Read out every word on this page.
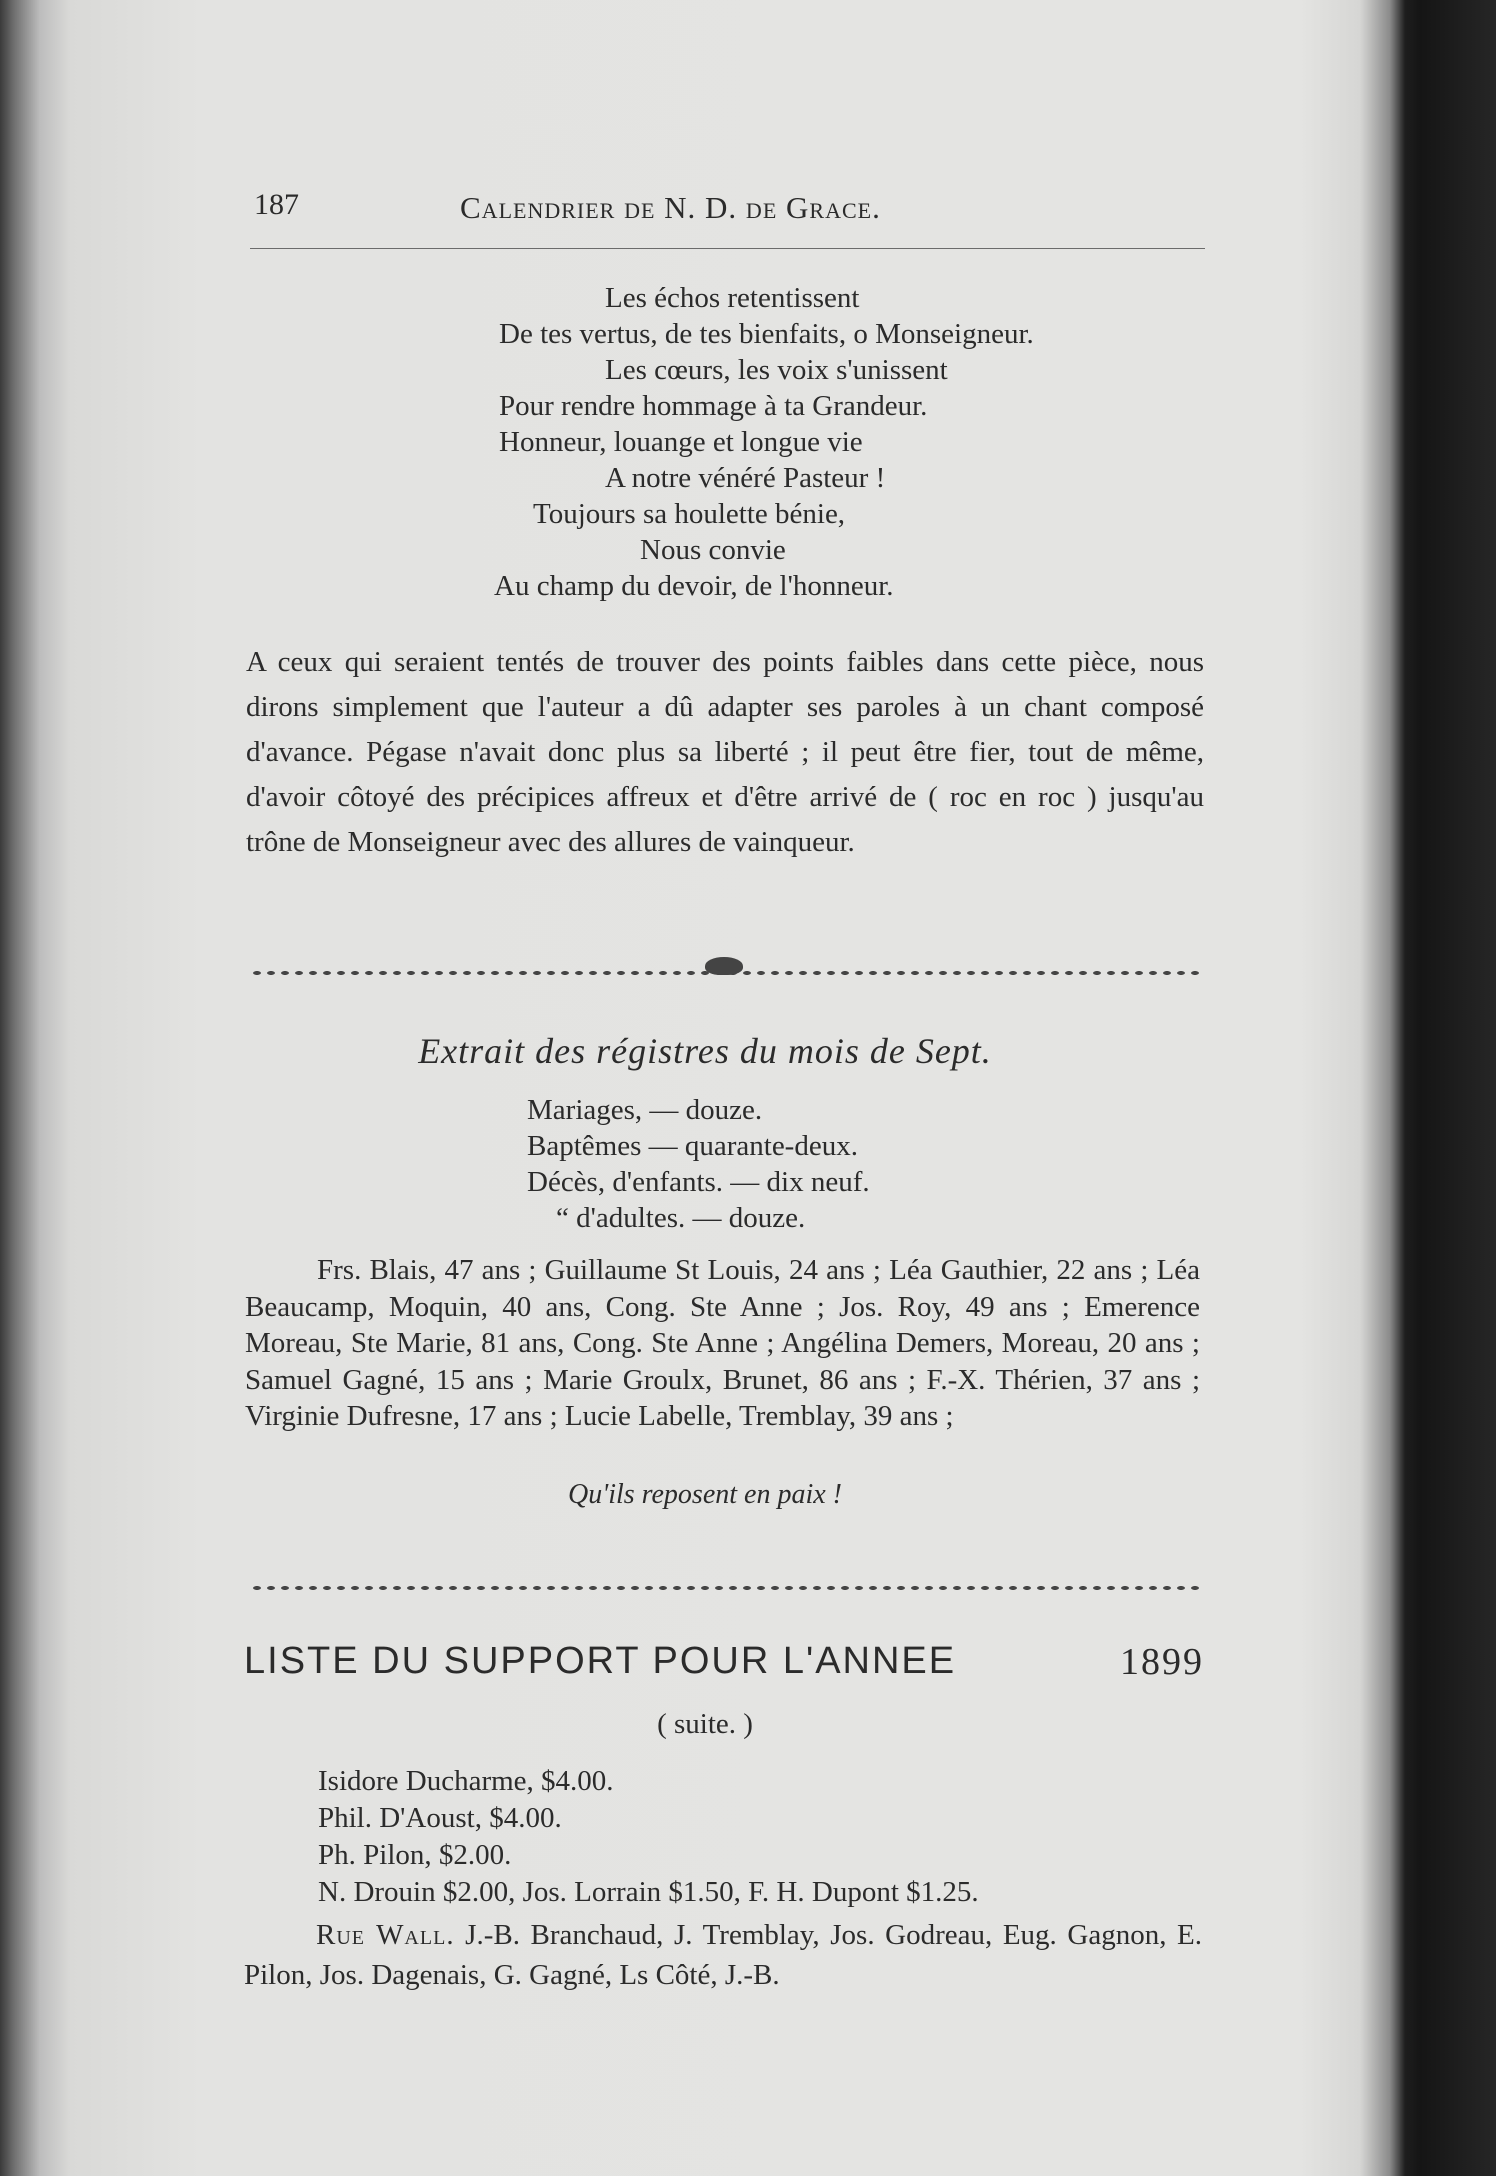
187	Calendrier de N. D. de Grace.
Les échos retentissent
De tes vertus, de tes bienfaits, o Monseigneur.
Les cœurs, les voix s'unissent
Pour rendre hommage à ta Grandeur.
Honneur, louange et longue vie
A notre vénéré Pasteur !
Toujours sa houlette bénie,
Nous convie
Au champ du devoir, de l'honneur.
A ceux qui seraient tentés de trouver des points faibles dans cette pièce, nous dirons simplement que l'auteur a dû adapter ses paroles à un chant composé d'avance. Pégase n'avait donc plus sa liberté ; il peut être fier, tout de même, d'avoir côtoyé des précipices affreux et d'être arrivé de ( roc en roc ) jusqu'au trône de Monseigneur avec des allures de vainqueur.
Extrait des régistres du mois de Sept.
Mariages, — douze.
Baptêmes — quarante-deux.
Décès, d'enfants. — dix neuf.
“ d'adultes. — douze.
Frs. Blais, 47 ans ; Guillaume St Louis, 24 ans ; Léa Gauthier, 22 ans ; Léa Beaucamp, Moquin, 40 ans, Cong. Ste Anne ; Jos. Roy, 49 ans ; Emerence Moreau, Ste Marie, 81 ans, Cong. Ste Anne ; Angélina Demers, Moreau, 20 ans ; Samuel Gagné, 15 ans ; Marie Groulx, Brunet, 86 ans ; F.-X. Thérien, 37 ans ; Virginie Dufresne, 17 ans ; Lucie Labelle, Tremblay, 39 ans ;
Qu'ils reposent en paix !
LISTE DU SUPPORT POUR L'ANNEE	1899
( suite. )
Isidore Ducharme, $4.00.
Phil. D'Aoust, $4.00.
Ph. Pilon, $2.00.
N. Drouin $2.00, Jos. Lorrain $1.50, F. H. Dupont $1.25.
Rue Wall. J.-B. Branchaud, J. Tremblay, Jos. Godreau, Eug. Gagnon, E. Pilon, Jos. Dagenais, G. Gagné, Ls Côté, J.-B.
